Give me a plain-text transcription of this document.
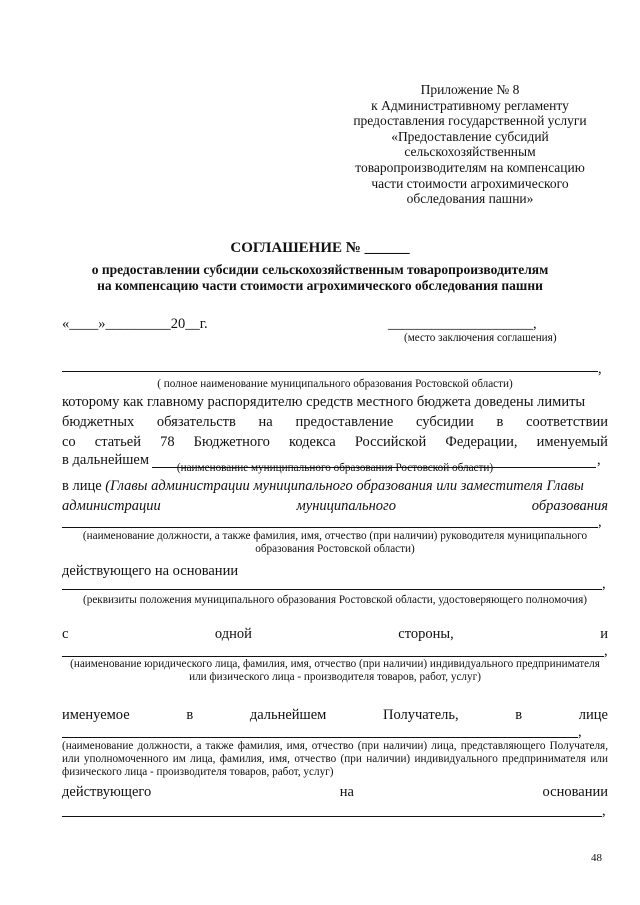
Приложение № 8
к Административному регламенту
предоставления государственной услуги
«Предоставление субсидий
сельскохозяйственным
товаропроизводителям на компенсацию
части стоимости агрохимического
обследования пашни»
СОГЛАШЕНИЕ № ______
о предоставлении субсидии сельскохозяйственным товаропроизводителям
на компенсацию части стоимости агрохимического обследования пашни
«____»_________20__г.	____________________,
(место заключения соглашения)
,
( полное наименование муниципального образования Ростовской области)
которому как главному распорядителю средств местного бюджета доведены лимиты
бюджетных обязательств на предоставление субсидии в соответствии
со статьей 78 Бюджетного кодекса Российской Федерации, именуемый
в дальнейшем	,
(наименование муниципального образования Ростовской области)
в лице (Главы администрации муниципального образования или заместителя Главы
администрации	муниципального	образования
,
(наименование должности, а также фамилия, имя, отчество (при наличии) руководителя муниципального образования Ростовской области)
действующего на основании
,
(реквизиты положения муниципального образования Ростовской области, удостоверяющего полномочия)
с	одной	стороны,	и
,
(наименование юридического лица, фамилия, имя, отчество (при наличии) индивидуального предпринимателя или физического лица - производителя товаров, работ, услуг)
именуемое	в	дальнейшем	Получатель,	в	лице
,
(наименование должности, а также фамилия, имя, отчество (при наличии) лица, представляющего Получателя, или уполномоченного им лица, фамилия, имя, отчество (при наличии) индивидуального предпринимателя или физического лица - производителя товаров, работ, услуг)
действующего	на	основании
,
48
